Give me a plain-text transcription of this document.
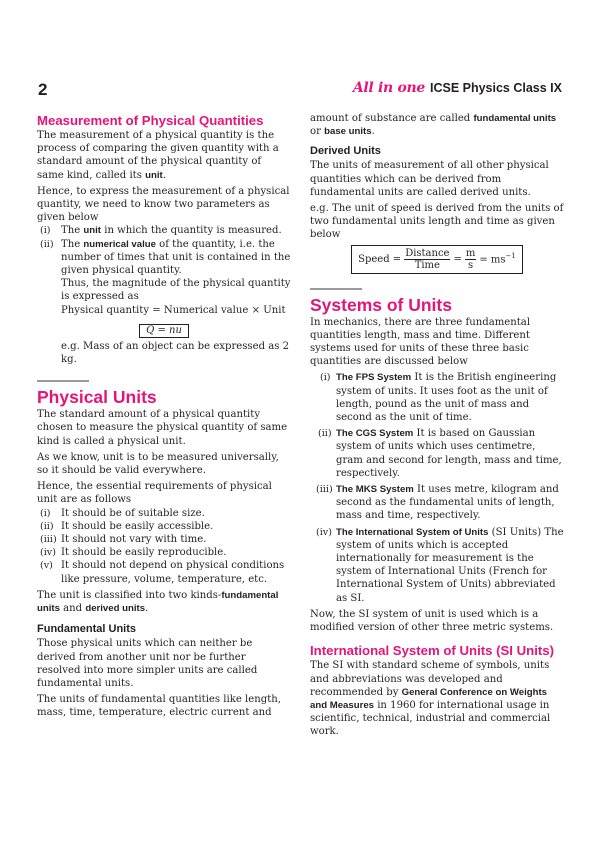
2	All in one ICSE Physics Class IX
Measurement of Physical Quantities

The measurement of a physical quantity is the process of comparing the given quantity with a standard amount of the physical quantity of same kind, called its unit.

Hence, to express the measurement of a physical quantity, we need to know two parameters as given below

(i) The unit in which the quantity is measured.
(ii) The numerical value of the quantity, i.e. the number of times that unit is contained in the given physical quantity.

Thus, the magnitude of the physical quantity is expressed as

Physical quantity = Numerical value × Unit

Q = nu

e.g. Mass of an object can be expressed as 2 kg.

Physical Units

The standard amount of a physical quantity chosen to measure the physical quantity of same kind is called a physical unit.

As we know, unit is to be measured universally, so it should be valid everywhere.

Hence, the essential requirements of physical unit are as follows

(i) It should be of suitable size.
(ii) It should be easily accessible.
(iii) It should not vary with time.
(iv) It should be easily reproducible.
(v) It should not depend on physical conditions like pressure, volume, temperature, etc.

The unit is classified into two kinds-fundamental units and derived units.

Fundamental Units

Those physical units which can neither be derived from another unit nor be further resolved into more simpler units are called fundamental units.

The units of fundamental quantities like length, mass, time, temperature, electric current and

amount of substance are called fundamental units or base units.

Derived Units

The units of measurement of all other physical quantities which can be derived from fundamental units are called derived units.

e.g. The unit of speed is derived from the units of two fundamental units length and time as given below

Speed = $\frac{\text{Distance}}{\text{Time}} = \frac{m}{s} = ms^{-1}$
Systems of Units

In mechanics, there are three fundamental quantities length, mass and time. Different systems used for units of these three basic quantities are discussed below

(i) The FPS System It is the British engineering system of units. It uses foot as the unit of length, pound as the unit of mass and second as the unit of time.
(ii) The CGS System It is based on Gaussian system of units which uses centimetre, gram and second for length, mass and time, respectively.
(iii) The MKS System It uses metre, kilogram and second as the fundamental units of length, mass and time, respectively.
(iv) The International System of Units (SI Units) The system of units which is accepted internationally for measurement is the system of International Units (French for International System of Units) abbreviated as SI.

Now, the SI system of unit is used which is a modified version of other three metric systems.

International System of Units (SI Units)

The SI with standard scheme of symbols, units and abbreviations was developed and recommended by General Conference on Weights and Measures in 1960 for international usage in scientific, technical, industrial and commercial work.
